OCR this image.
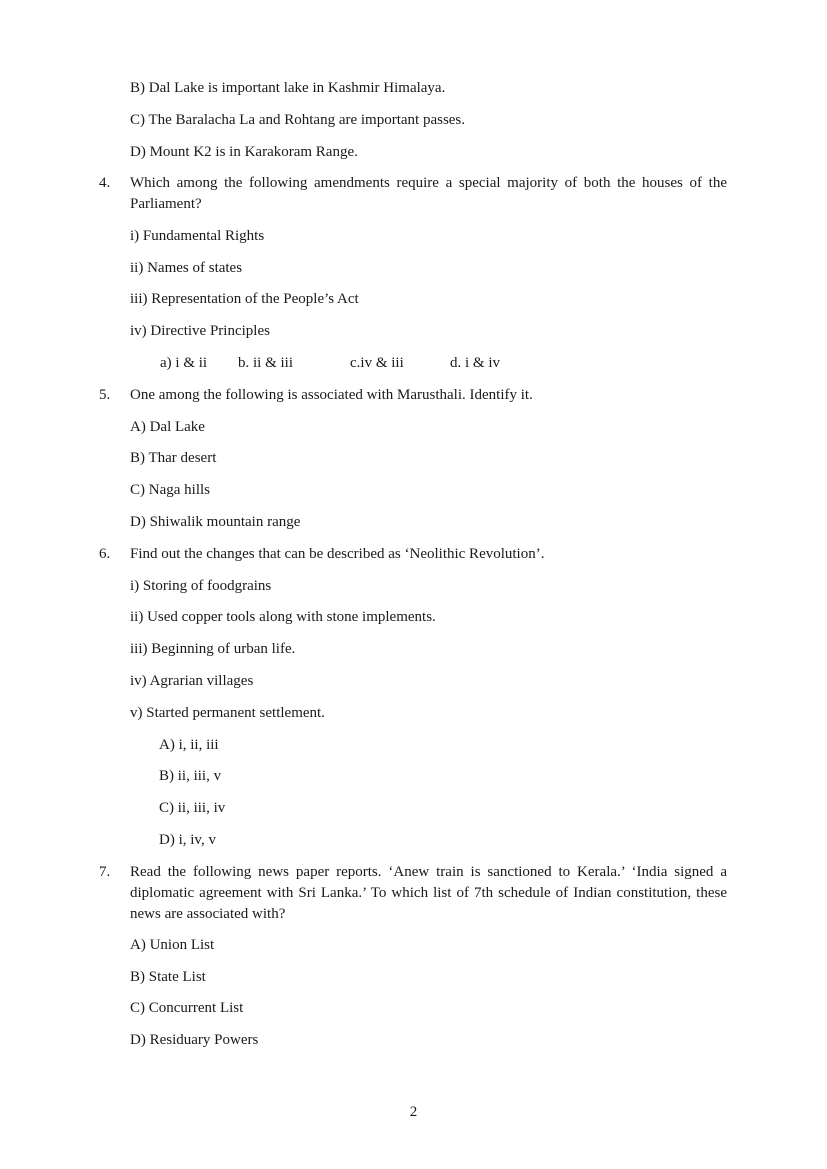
B) Dal Lake is important lake in Kashmir Himalaya.
C) The Baralacha La and Rohtang are important passes.
D) Mount K2 is in Karakoram Range.
4. Which among the following amendments require a special majority of both the houses of the Parliament?
i) Fundamental Rights
ii) Names of states
iii) Representation of the People’s Act
iv) Directive Principles
a) i & ii b. ii & iii	c.iv & iii	d. i & iv
5. One among the following is associated with Marusthali. Identify it.
A) Dal Lake
B) Thar desert
C) Naga hills
D) Shiwalik mountain range
6. Find out the changes that can be described as ‘Neolithic Revolution’.
i) Storing of foodgrains
ii) Used copper tools along with stone implements.
iii) Beginning of urban life.
iv) Agrarian villages
v) Started permanent settlement.
A) i, ii, iii
B) ii, iii, v
C) ii, iii, iv
D) i, iv, v
7. Read the following news paper reports. ‘Anew train is sanctioned to Kerala.’ ‘India signed a diplomatic agreement with Sri Lanka.’ To which list of 7th schedule of Indian constitution, these news are associated with?
A) Union List
B) State List
C) Concurrent List
D) Residuary Powers
2
